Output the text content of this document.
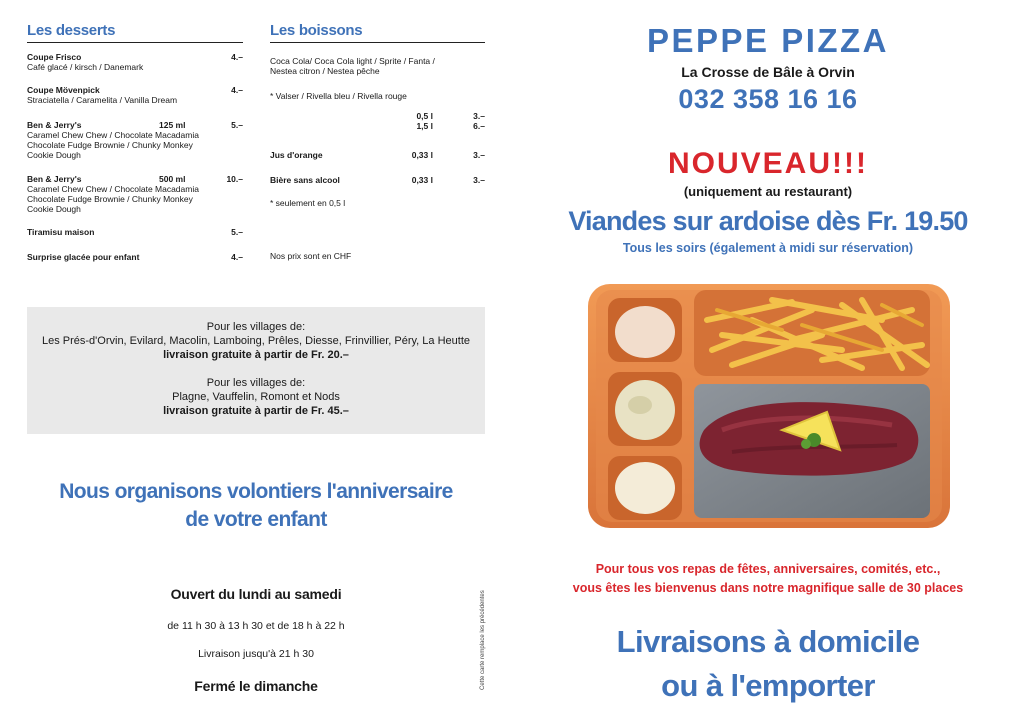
Les desserts
Coupe Frisco	4.–
Café glacé / kirsch / Danemark
Coupe Mövenpick	4.–
Straciatella / Caramelita / Vanilla Dream
Ben & Jerry's	125 ml	5.–
Caramel Chew Chew / Chocolate Macadamia Chocolate Fudge Brownie / Chunky Monkey Cookie Dough
Ben & Jerry's	500 ml	10.–
Caramel Chew Chew / Chocolate Macadamia Chocolate Fudge Brownie / Chunky Monkey Cookie Dough
Tiramisu maison	5.–
Surprise glacée pour enfant	4.–
Les boissons
Coca Cola/ Coca Cola light / Sprite / Fanta /
Nestea citron / Nestea pêche
* Valser / Rivella bleu / Rivella rouge
0,5 l	3.–
1,5 l	6.–
Jus d'orange	0,33 l	3.–
Bière sans alcool	0,33 l	3.–
* seulement en 0,5 l
Nos prix sont en CHF
Pour les villages de:
Les Prés-d'Orvin, Evilard, Macolin, Lamboing, Prêles, Diesse, Frinvillier, Péry, La Heutte
livraison gratuite à partir de Fr. 20.–
Pour les villages de:
Plagne, Vauffelin, Romont et Nods
livraison gratuite à partir de Fr. 45.–
Nous organisons volontiers l'anniversaire
de votre enfant
Ouvert du lundi au samedi
de 11 h 30 à 13 h 30 et de 18 h à 22 h
Livraison jusqu'à 21 h 30
Fermé le dimanche	Cette carte remplace les précédentes
PEPPE PIZZA
La Crosse de Bâle à Orvin
032 358 16 16
NOUVEAU!!!
(uniquement au restaurant)
Viandes sur ardoise dès Fr. 19.50
Tous les soirs (également à midi sur réservation)
Pour tous vos repas de fêtes, anniversaires, comités, etc.,
vous êtes les bienvenus dans notre magnifique salle de 30 places
Livraisons à domicile
ou à l'emporter
